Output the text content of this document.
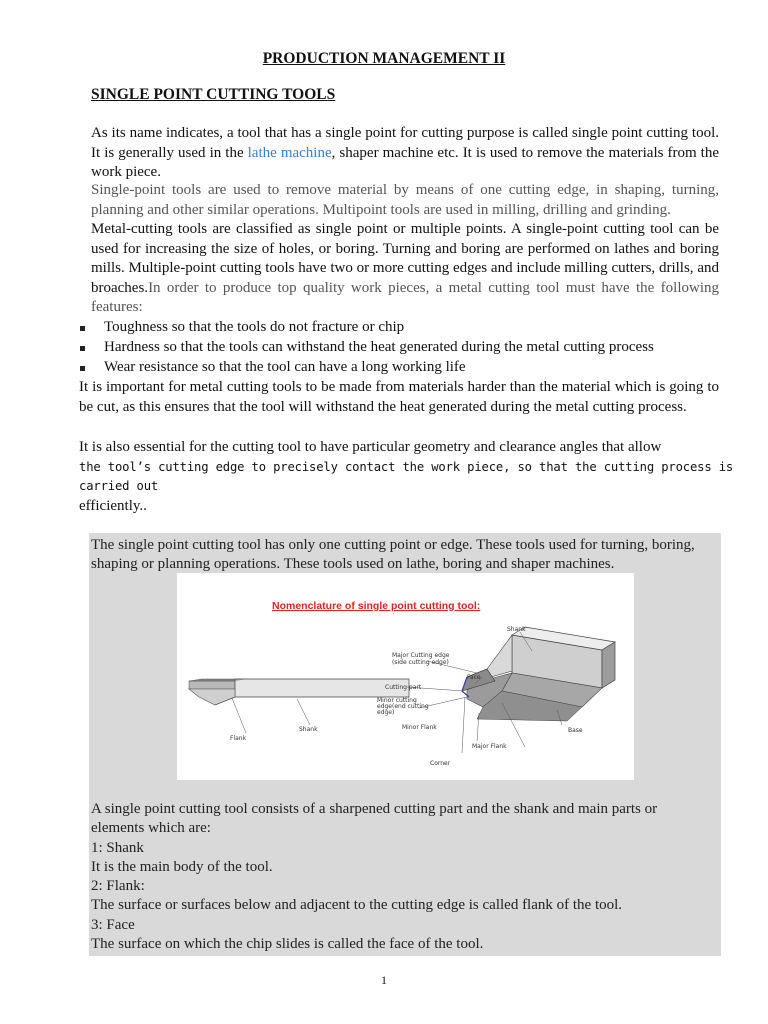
PRODUCTION MANAGEMENT II
SINGLE POINT CUTTING TOOLS
As its name indicates, a tool that has a single point for cutting purpose is called single point cutting tool. It is generally used in the lathe machine, shaper machine etc. It is used to remove the materials from the work piece.
Single-point tools are used to remove material by means of one cutting edge, in shaping, turning, planning and other similar operations. Multipoint tools are used in milling, drilling and grinding.
Metal-cutting tools are classified as single point or multiple points. A single-point cutting tool can be used for increasing the size of holes, or boring. Turning and boring are performed on lathes and boring mills. Multiple-point cutting tools have two or more cutting edges and include milling cutters, drills, and broaches.In order to produce top quality work pieces, a metal cutting tool must have the following features:
Toughness so that the tools do not fracture or chip
Hardness so that the tools can withstand the heat generated during the metal cutting process
Wear resistance so that the tool can have a long working life
It is important for metal cutting tools to be made from materials harder than the material which is going to be cut, as this ensures that the tool will withstand the heat generated during the metal cutting process.
It is also essential for the cutting tool to have particular geometry and clearance angles that allow
the tool’s cutting edge to precisely contact the work piece, so that the cutting process is carried out
efficiently..
The single point cutting tool has only one cutting point or edge. These tools used for turning, boring, shaping or planning operations. These tools used on lathe, boring and shaper machines.
Nomenclature of single point cutting tool:
Major Cutting edge
(side cutting edge)
Shank
Face
Cutting part
Minor cutting
edge(end cutting
edge)
Minor Flank	Base
Major Flank
Corner
Shank
Flank
A single point cutting tool consists of a sharpened cutting part and the shank and main parts or
elements which are:
1: Shank
It is the main body of the tool.
2: Flank:
The surface or surfaces below and adjacent to the cutting edge is called flank of the tool.
3: Face
The surface on which the chip slides is called the face of the tool.
1
